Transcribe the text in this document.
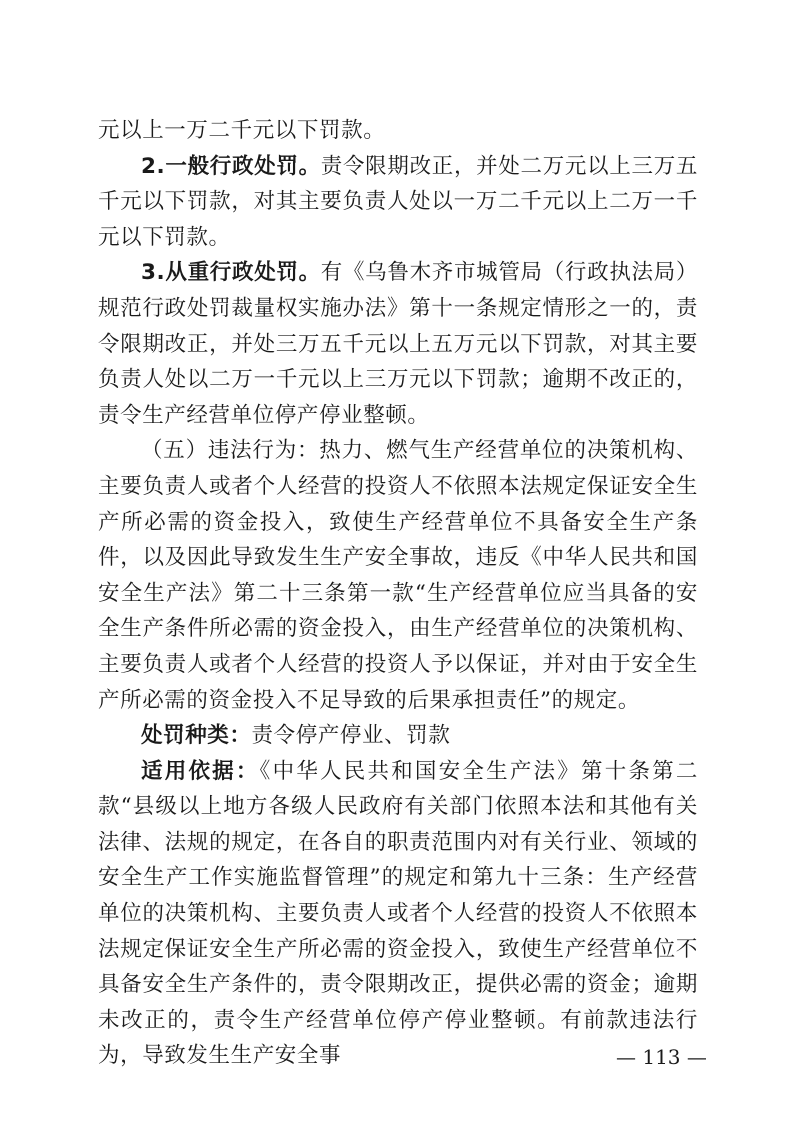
元以上一万二千元以下罚款。

2.一般行政处罚。责令限期改正，并处二万元以上三万五千元以下罚款，对其主要负责人处以一万二千元以上二万一千元以下罚款。

3.从重行政处罚。有《乌鲁木齐市城管局（行政执法局）规范行政处罚裁量权实施办法》第十一条规定情形之一的，责令限期改正，并处三万五千元以上五万元以下罚款，对其主要负责人处以二万一千元以上三万元以下罚款；逾期不改正的，责令生产经营单位停产停业整顿。

（五）违法行为：热力、燃气生产经营单位的决策机构、主要负责人或者个人经营的投资人不依照本法规定保证安全生产所必需的资金投入，致使生产经营单位不具备安全生产条件，以及因此导致发生生产安全事故，违反《中华人民共和国安全生产法》第二十三条第一款“生产经营单位应当具备的安全生产条件所必需的资金投入，由生产经营单位的决策机构、主要负责人或者个人经营的投资人予以保证，并对由于安全生产所必需的资金投入不足导致的后果承担责任”的规定。

处罚种类：责令停产停业、罚款

适用依据：《中华人民共和国安全生产法》第十条第二款“县级以上地方各级人民政府有关部门依照本法和其他有关法律、法规的规定，在各自的职责范围内对有关行业、领域的安全生产工作实施监督管理”的规定和第九十三条：生产经营单位的决策机构、主要负责人或者个人经营的投资人不依照本法规定保证安全生产所必需的资金投入，致使生产经营单位不具备安全生产条件的，责令限期改正，提供必需的资金；逾期未改正的，责令生产经营单位停产停业整顿。有前款违法行为，导致发生生产安全事	— 113 —
